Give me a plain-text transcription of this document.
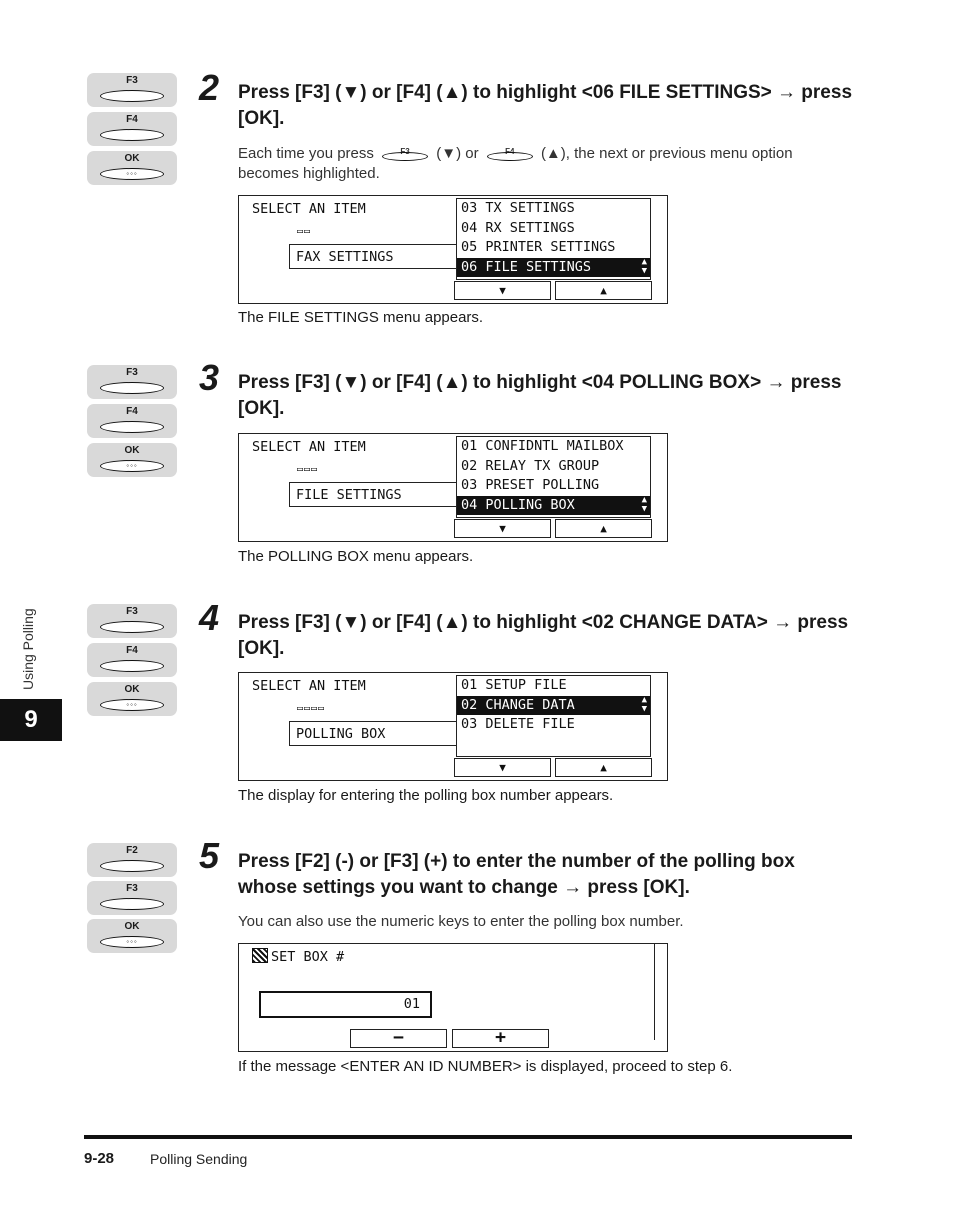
F3
F4
OK
◦◦◦
2 Press [F3] (▼) or [F4] (▲) to highlight <06 FILE SETTINGS> → press [OK].
Each time you press	F3	(▼) or	F4	(▲), the next or previous menu option becomes highlighted.
SELECT AN ITEM
▭▭
FAX SETTINGS
03 TX SETTINGS
04 RX SETTINGS
05 PRINTER SETTINGS
06 FILE SETTINGS	▲
▼
▼	▲
The FILE SETTINGS menu appears.
F3
F4
OK
◦◦◦
3 Press [F3] (▼) or [F4] (▲) to highlight <04 POLLING BOX> → press [OK].
SELECT AN ITEM
▭▭▭
FILE SETTINGS
01 CONFIDNTL MAILBOX
02 RELAY TX GROUP
03 PRESET POLLING
04 POLLING BOX	▲
▼
▼	▲
The POLLING BOX menu appears.
F3
F4
OK
◦◦◦
4 Press [F3] (▼) or [F4] (▲) to highlight <02 CHANGE DATA> → press [OK].
SELECT AN ITEM
▭▭▭▭
POLLING BOX
01 SETUP FILE
02 CHANGE DATA	▲
▼
03 DELETE FILE
▼	▲
The display for entering the polling box number appears.
F2
F3
OK
◦◦◦
5 Press [F2] (-) or [F3] (+) to enter the number of the polling box whose settings you want to change → press [OK].
You can also use the numeric keys to enter the polling box number.
SET BOX #
01
−	+
If the message <ENTER AN ID NUMBER> is displayed, proceed to step 6.
Using Polling
9
9-28	Polling Sending
